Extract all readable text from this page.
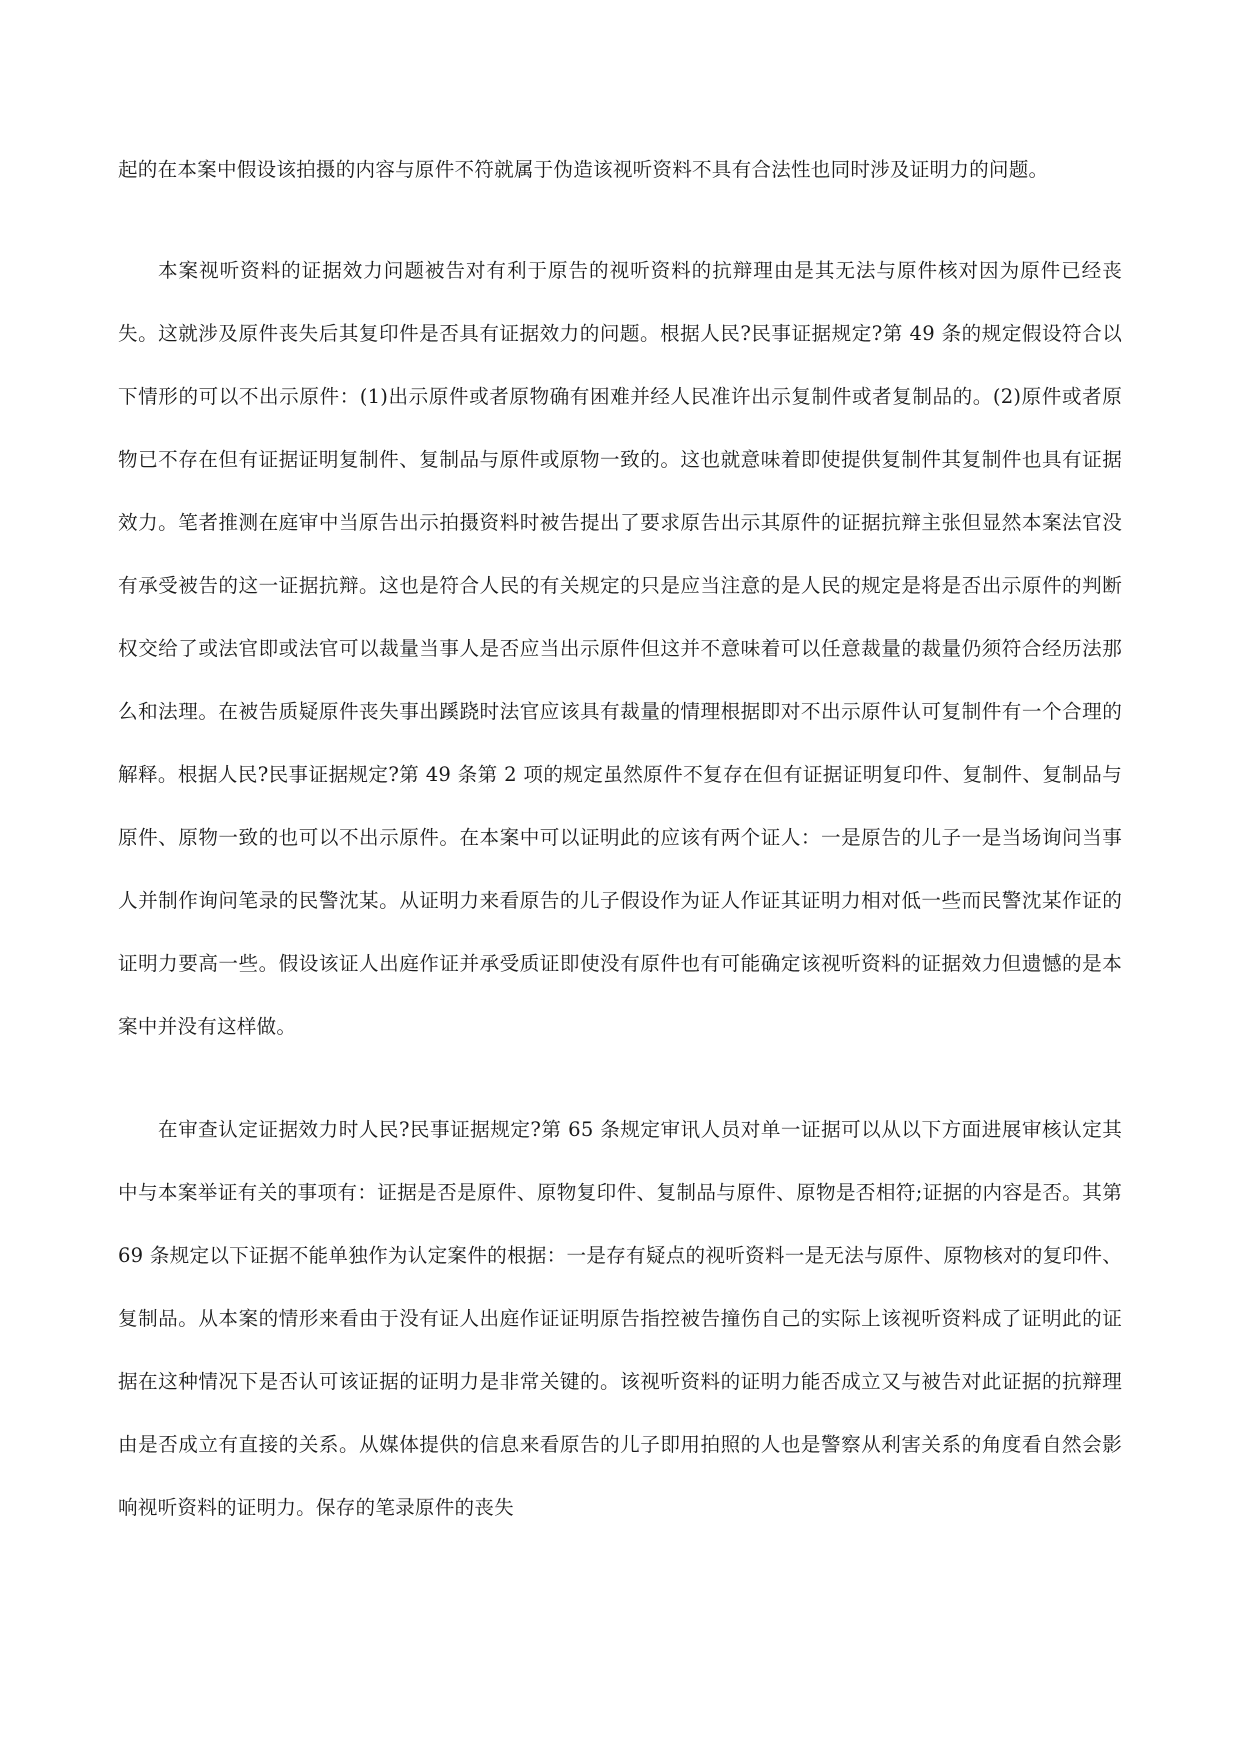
起的在本案中假设该拍摄的内容与原件不符就属于伪造该视听资料不具有合法性也同时涉及证明力的问题。

本案视听资料的证据效力问题被告对有利于原告的视听资料的抗辩理由是其无法与原件核对因为原件已经丧失。这就涉及原件丧失后其复印件是否具有证据效力的问题。根据人民?民事证据规定?第 49 条的规定假设符合以下情形的可以不出示原件：(1)出示原件或者原物确有困难并经人民准许出示复制件或者复制品的。(2)原件或者原物已不存在但有证据证明复制件、复制品与原件或原物一致的。这也就意味着即使提供复制件其复制件也具有证据效力。笔者推测在庭审中当原告出示拍摄资料时被告提出了要求原告出示其原件的证据抗辩主张但显然本案法官没有承受被告的这一证据抗辩。这也是符合人民的有关规定的只是应当注意的是人民的规定是将是否出示原件的判断权交给了或法官即或法官可以裁量当事人是否应当出示原件但这并不意味着可以任意裁量的裁量仍须符合经历法那么和法理。在被告质疑原件丧失事出蹊跷时法官应该具有裁量的情理根据即对不出示原件认可复制件有一个合理的解释。根据人民?民事证据规定?第 49 条第 2 项的规定虽然原件不复存在但有证据证明复印件、复制件、复制品与原件、原物一致的也可以不出示原件。在本案中可以证明此的应该有两个证人：一是原告的儿子一是当场询问当事人并制作询问笔录的民警沈某。从证明力来看原告的儿子假设作为证人作证其证明力相对低一些而民警沈某作证的证明力要高一些。假设该证人出庭作证并承受质证即使没有原件也有可能确定该视听资料的证据效力但遗憾的是本案中并没有这样做。

在审查认定证据效力时人民?民事证据规定?第 65 条规定审讯人员对单一证据可以从以下方面进展审核认定其中与本案举证有关的事项有：证据是否是原件、原物复印件、复制品与原件、原物是否相符;证据的内容是否。其第 69 条规定以下证据不能单独作为认定案件的根据：一是存有疑点的视听资料一是无法与原件、原物核对的复印件、复制品。从本案的情形来看由于没有证人出庭作证证明原告指控被告撞伤自己的实际上该视听资料成了证明此的证据在这种情况下是否认可该证据的证明力是非常关键的。该视听资料的证明力能否成立又与被告对此证据的抗辩理由是否成立有直接的关系。从媒体提供的信息来看原告的儿子即用拍照的人也是警察从利害关系的角度看自然会影响视听资料的证明力。保存的笔录原件的丧失
